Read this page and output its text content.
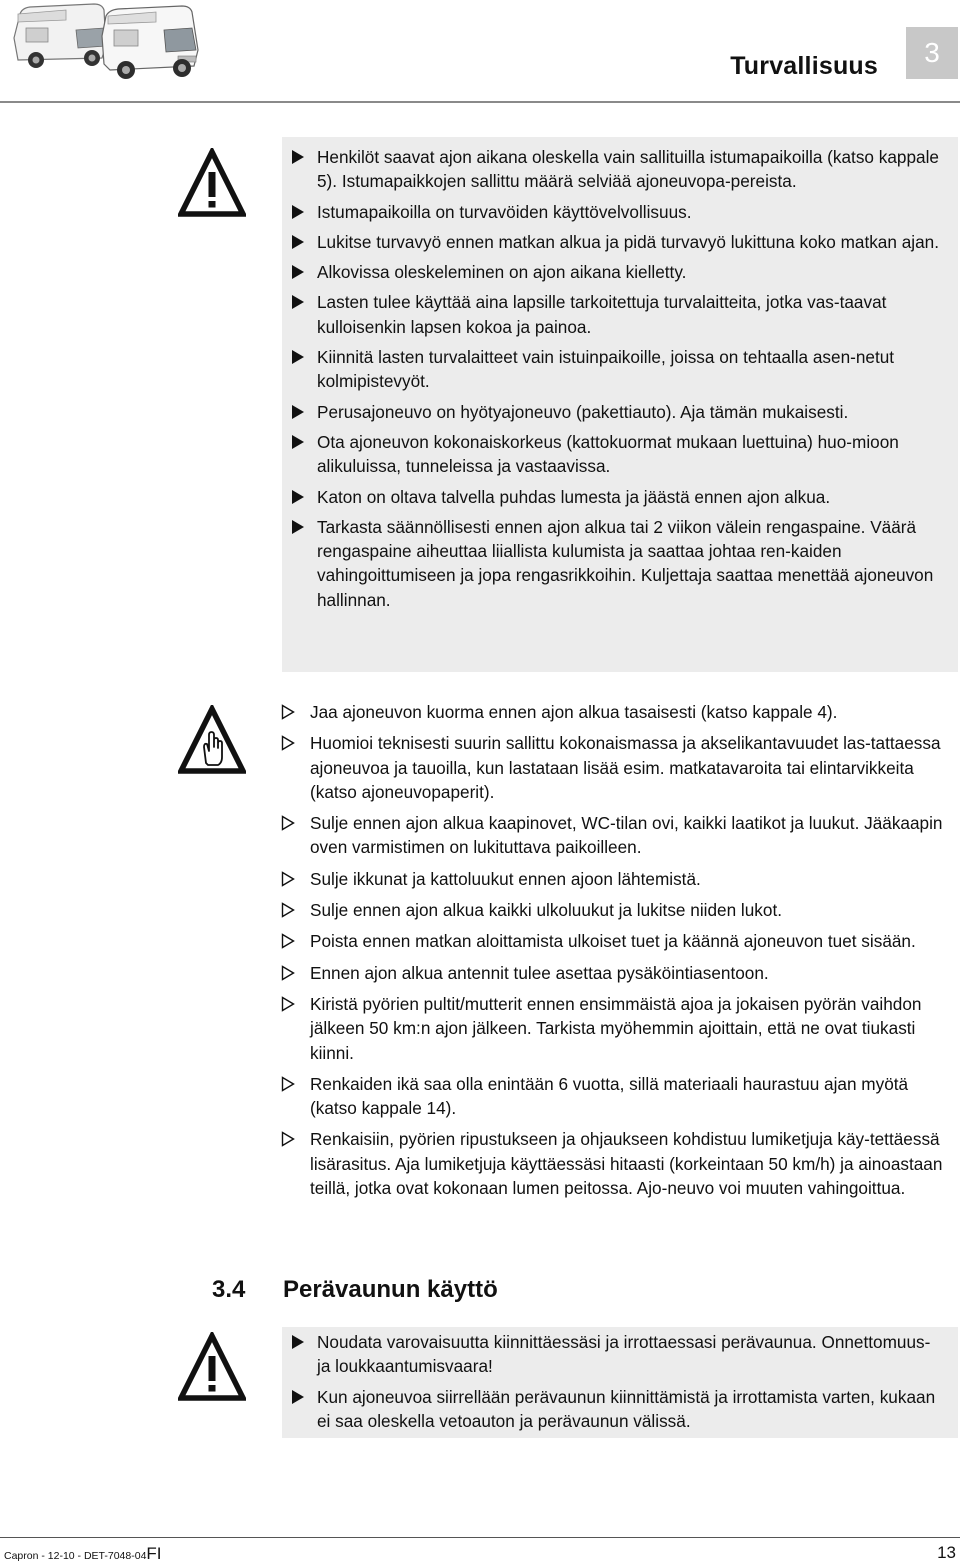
Turvallisuus	3
Henkilöt saavat ajon aikana oleskella vain sallituilla istumapaikoilla (katso kappale 5). Istumapaikkojen sallittu määrä selviää ajoneuvopa-pereista.
Istumapaikoilla on turvavöiden käyttövelvollisuus.
Lukitse turvavyö ennen matkan alkua ja pidä turvavyö lukittuna koko matkan ajan.
Alkovissa oleskeleminen on ajon aikana kielletty.
Lasten tulee käyttää aina lapsille tarkoitettuja turvalaitteita, jotka vas-taavat kulloisenkin lapsen kokoa ja painoa.
Kiinnitä lasten turvalaitteet vain istuinpaikoille, joissa on tehtaalla asen-netut kolmipistevyöt.
Perusajoneuvo on hyötyajoneuvo (pakettiauto). Aja tämän mukaisesti.
Ota ajoneuvon kokonaiskorkeus (kattokuormat mukaan luettuina) huo-mioon alikuluissa, tunneleissa ja vastaavissa.
Katon on oltava talvella puhdas lumesta ja jäästä ennen ajon alkua.
Tarkasta säännöllisesti ennen ajon alkua tai 2 viikon välein rengaspaine. Väärä rengaspaine aiheuttaa liiallista kulumista ja saattaa johtaa ren-kaiden vahingoittumiseen ja jopa rengasrikkoihin. Kuljettaja saattaa menettää ajoneuvon hallinnan.
Jaa ajoneuvon kuorma ennen ajon alkua tasaisesti (katso kappale 4).
Huomioi teknisesti suurin sallittu kokonaismassa ja akselikantavuudet las-tattaessa ajoneuvoa ja tauoilla, kun lastataan lisää esim. matkatavaroita tai elintarvikkeita (katso ajoneuvopaperit).
Sulje ennen ajon alkua kaapinovet, WC-tilan ovi, kaikki laatikot ja luukut. Jääkaapin oven varmistimen on lukituttava paikoilleen.
Sulje ikkunat ja kattoluukut ennen ajoon lähtemistä.
Sulje ennen ajon alkua kaikki ulkoluukut ja lukitse niiden lukot.
Poista ennen matkan aloittamista ulkoiset tuet ja käännä ajoneuvon tuet sisään.
Ennen ajon alkua antennit tulee asettaa pysäköintiasentoon.
Kiristä pyörien pultit/mutterit ennen ensimmäistä ajoa ja jokaisen pyörän vaihdon jälkeen 50 km:n ajon jälkeen. Tarkista myöhemmin ajoittain, että ne ovat tiukasti kiinni.
Renkaiden ikä saa olla enintään 6 vuotta, sillä materiaali haurastuu ajan myötä (katso kappale 14).
Renkaisiin, pyörien ripustukseen ja ohjaukseen kohdistuu lumiketjuja käy-tettäessä lisärasitus. Aja lumiketjuja käyttäessäsi hitaasti (korkeintaan 50 km/h) ja ainoastaan teillä, jotka ovat kokonaan lumen peitossa. Ajo-neuvo voi muuten vahingoittua.
3.4 Perävaunun käyttö
Noudata varovaisuutta kiinnittäessäsi ja irrottaessasi perävaunua. Onnettomuus- ja loukkaantumisvaara!
Kun ajoneuvoa siirrellään perävaunun kiinnittämistä ja irrottamista varten, kukaan ei saa oleskella vetoauton ja perävaunun välissä.
Capron - 12-10 - DET-7048-04FI	13
